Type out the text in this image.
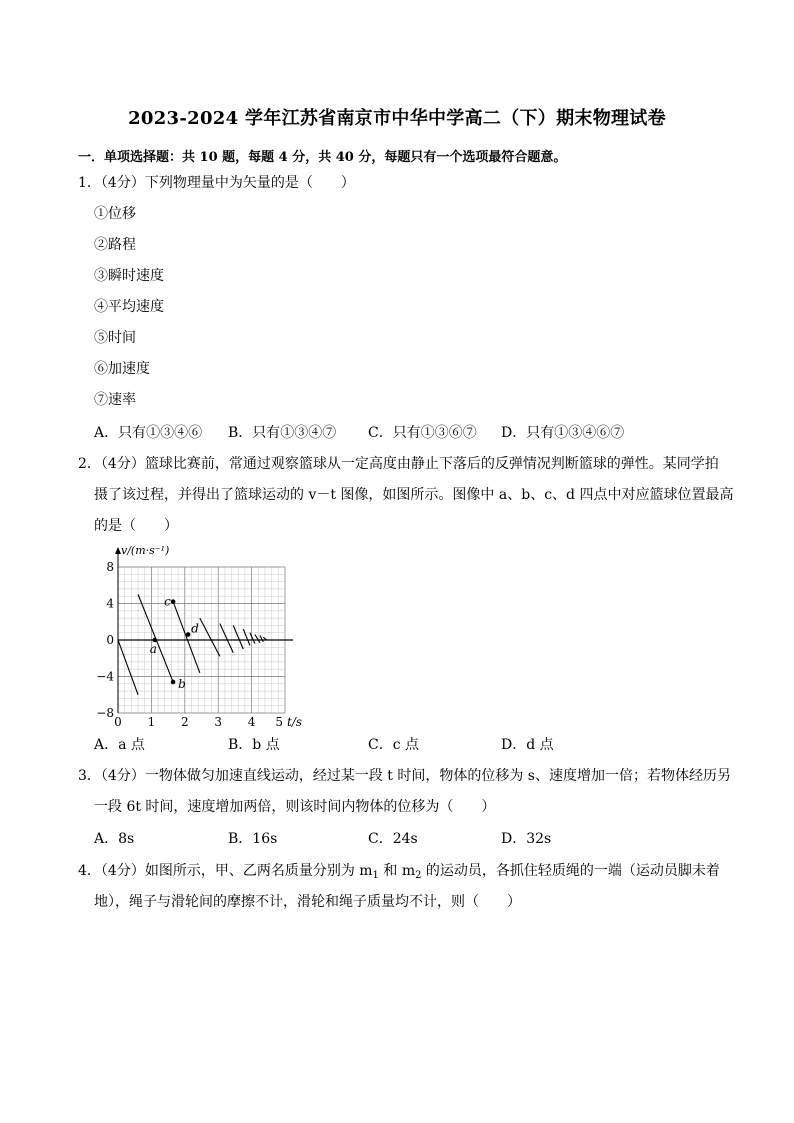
2023-2024 学年江苏省南京市中华中学高二（下）期末物理试卷
一．单项选择题：共 10 题，每题 4 分，共 40 分，每题只有一个选项最符合题意。
1．（4分）下列物理量中为矢量的是（　　）
①位移
②路程
③瞬时速度
④平均速度
⑤时间
⑥加速度
⑦速率
A．只有①③④⑥ B．只有①③④⑦ C．只有①③⑥⑦ D．只有①③④⑥⑦
2．（4分）篮球比赛前，常通过观察篮球从一定高度由静止下落后的反弹情况判断篮球的弹性。某同学拍
摄了该过程，并得出了篮球运动的 v－t 图像，如图所示。图像中 a、b、c、d 四点中对应篮球位置最高
的是（　　）
v/(m·s⁻¹)
t/s
0 1 2 3 4 5
8
4
0
−4
−8
a
b
c
d
A．a 点	B．b 点	C．c 点	D．d 点
3．（4分）一物体做匀加速直线运动，经过某一段 t 时间，物体的位移为 s、速度增加一倍；若物体经历另
一段 6t 时间，速度增加两倍，则该时间内物体的位移为（　　）
A．8s	B．16s	C．24s	D．32s
4．（4分）如图所示，甲、乙两名质量分别为 $m_1$ 和 $m_2$ 的运动员，各抓住轻质绳的一端（运动员脚未着
地），绳子与滑轮间的摩擦不计，滑轮和绳子质量均不计，则（　　）
